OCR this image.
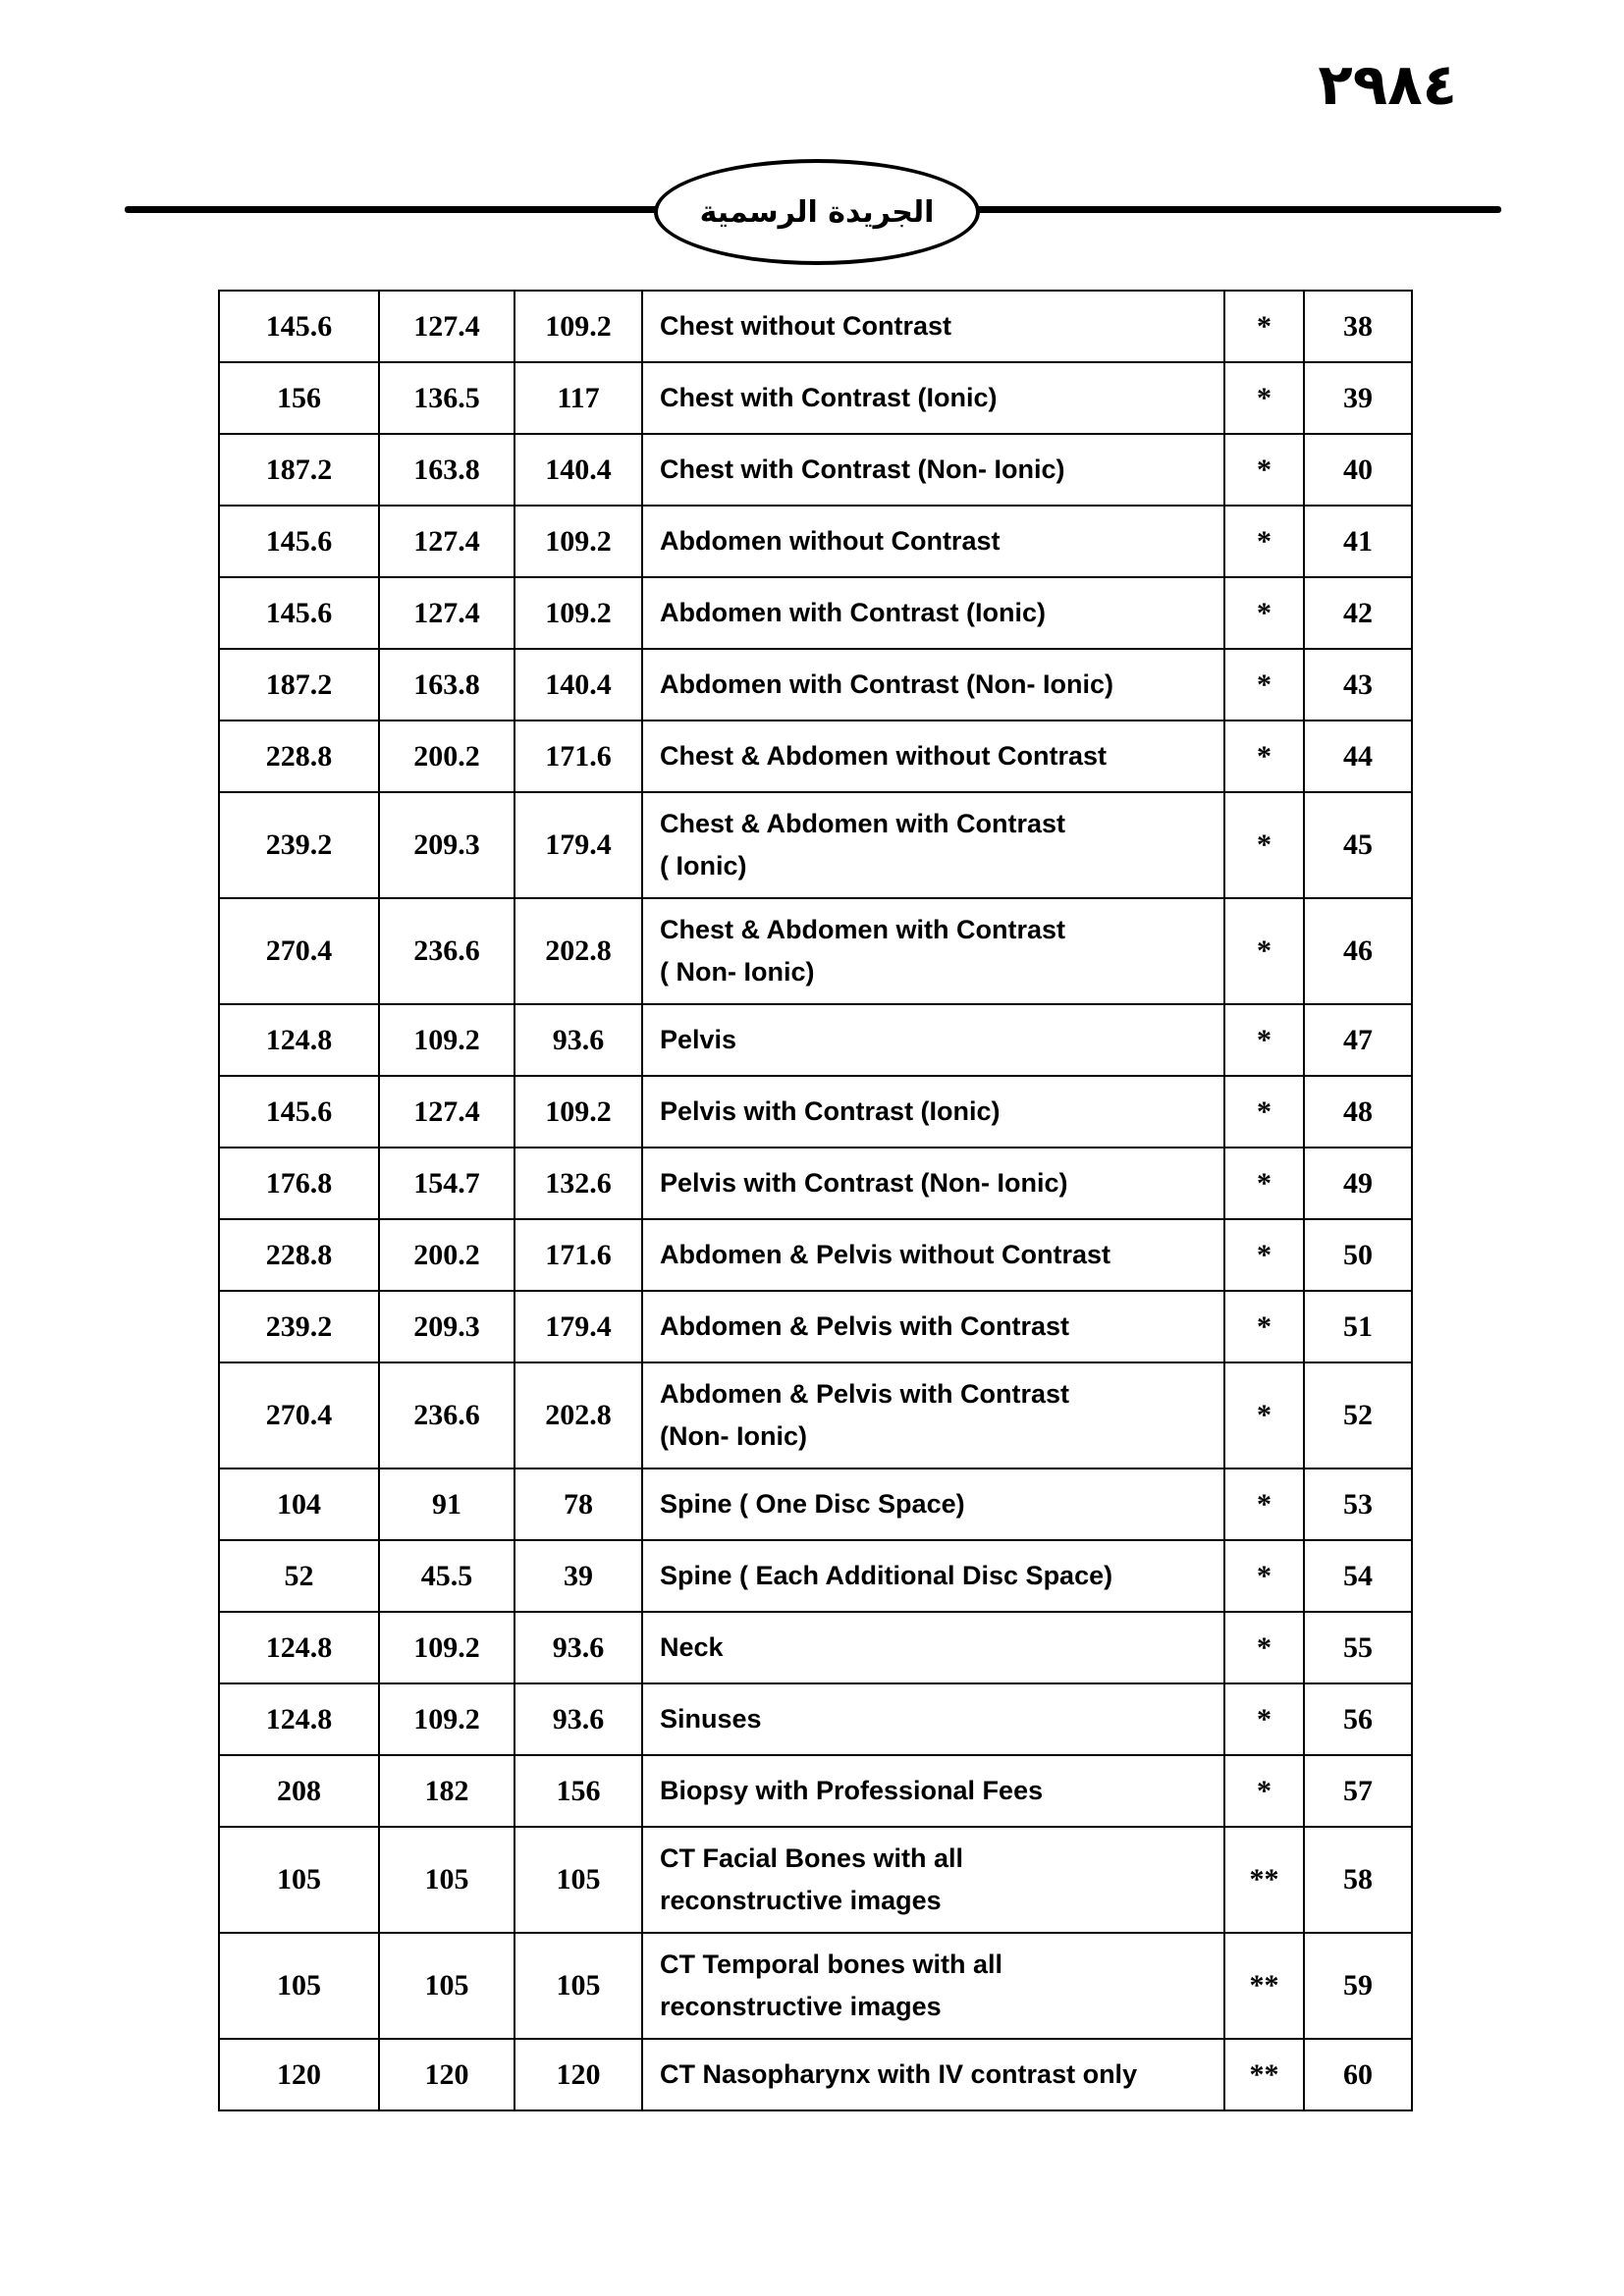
٢٩٨٤
الجريدة الرسمية
145.6	127.4	109.2	Chest without Contrast	*	38
156	136.5	117	Chest with Contrast (Ionic)	*	39
187.2	163.8	140.4	Chest with Contrast (Non- Ionic)	*	40
145.6	127.4	109.2	Abdomen without Contrast	*	41
145.6	127.4	109.2	Abdomen with Contrast (Ionic)	*	42
187.2	163.8	140.4	Abdomen with Contrast (Non- Ionic)	*	43
228.8	200.2	171.6	Chest & Abdomen without Contrast	*	44
239.2	209.3	179.4	Chest & Abdomen with Contrast
( Ionic)	*	45
270.4	236.6	202.8	Chest & Abdomen with Contrast
( Non- Ionic)	*	46
124.8	109.2	93.6	Pelvis	*	47
145.6	127.4	109.2	Pelvis with Contrast (Ionic)	*	48
176.8	154.7	132.6	Pelvis with Contrast (Non- Ionic)	*	49
228.8	200.2	171.6	Abdomen & Pelvis without Contrast	*	50
239.2	209.3	179.4	Abdomen & Pelvis with Contrast	*	51
270.4	236.6	202.8	Abdomen & Pelvis with Contrast
(Non- Ionic)	*	52
104	91	78	Spine ( One Disc Space)	*	53
52	45.5	39	Spine ( Each Additional Disc Space)	*	54
124.8	109.2	93.6	Neck	*	55
124.8	109.2	93.6	Sinuses	*	56
208	182	156	Biopsy with Professional Fees	*	57
105	105	105	CT Facial Bones with all
reconstructive images	**	58
105	105	105	CT Temporal bones with all
reconstructive images	**	59
120	120	120	CT Nasopharynx with IV contrast only	**	60
